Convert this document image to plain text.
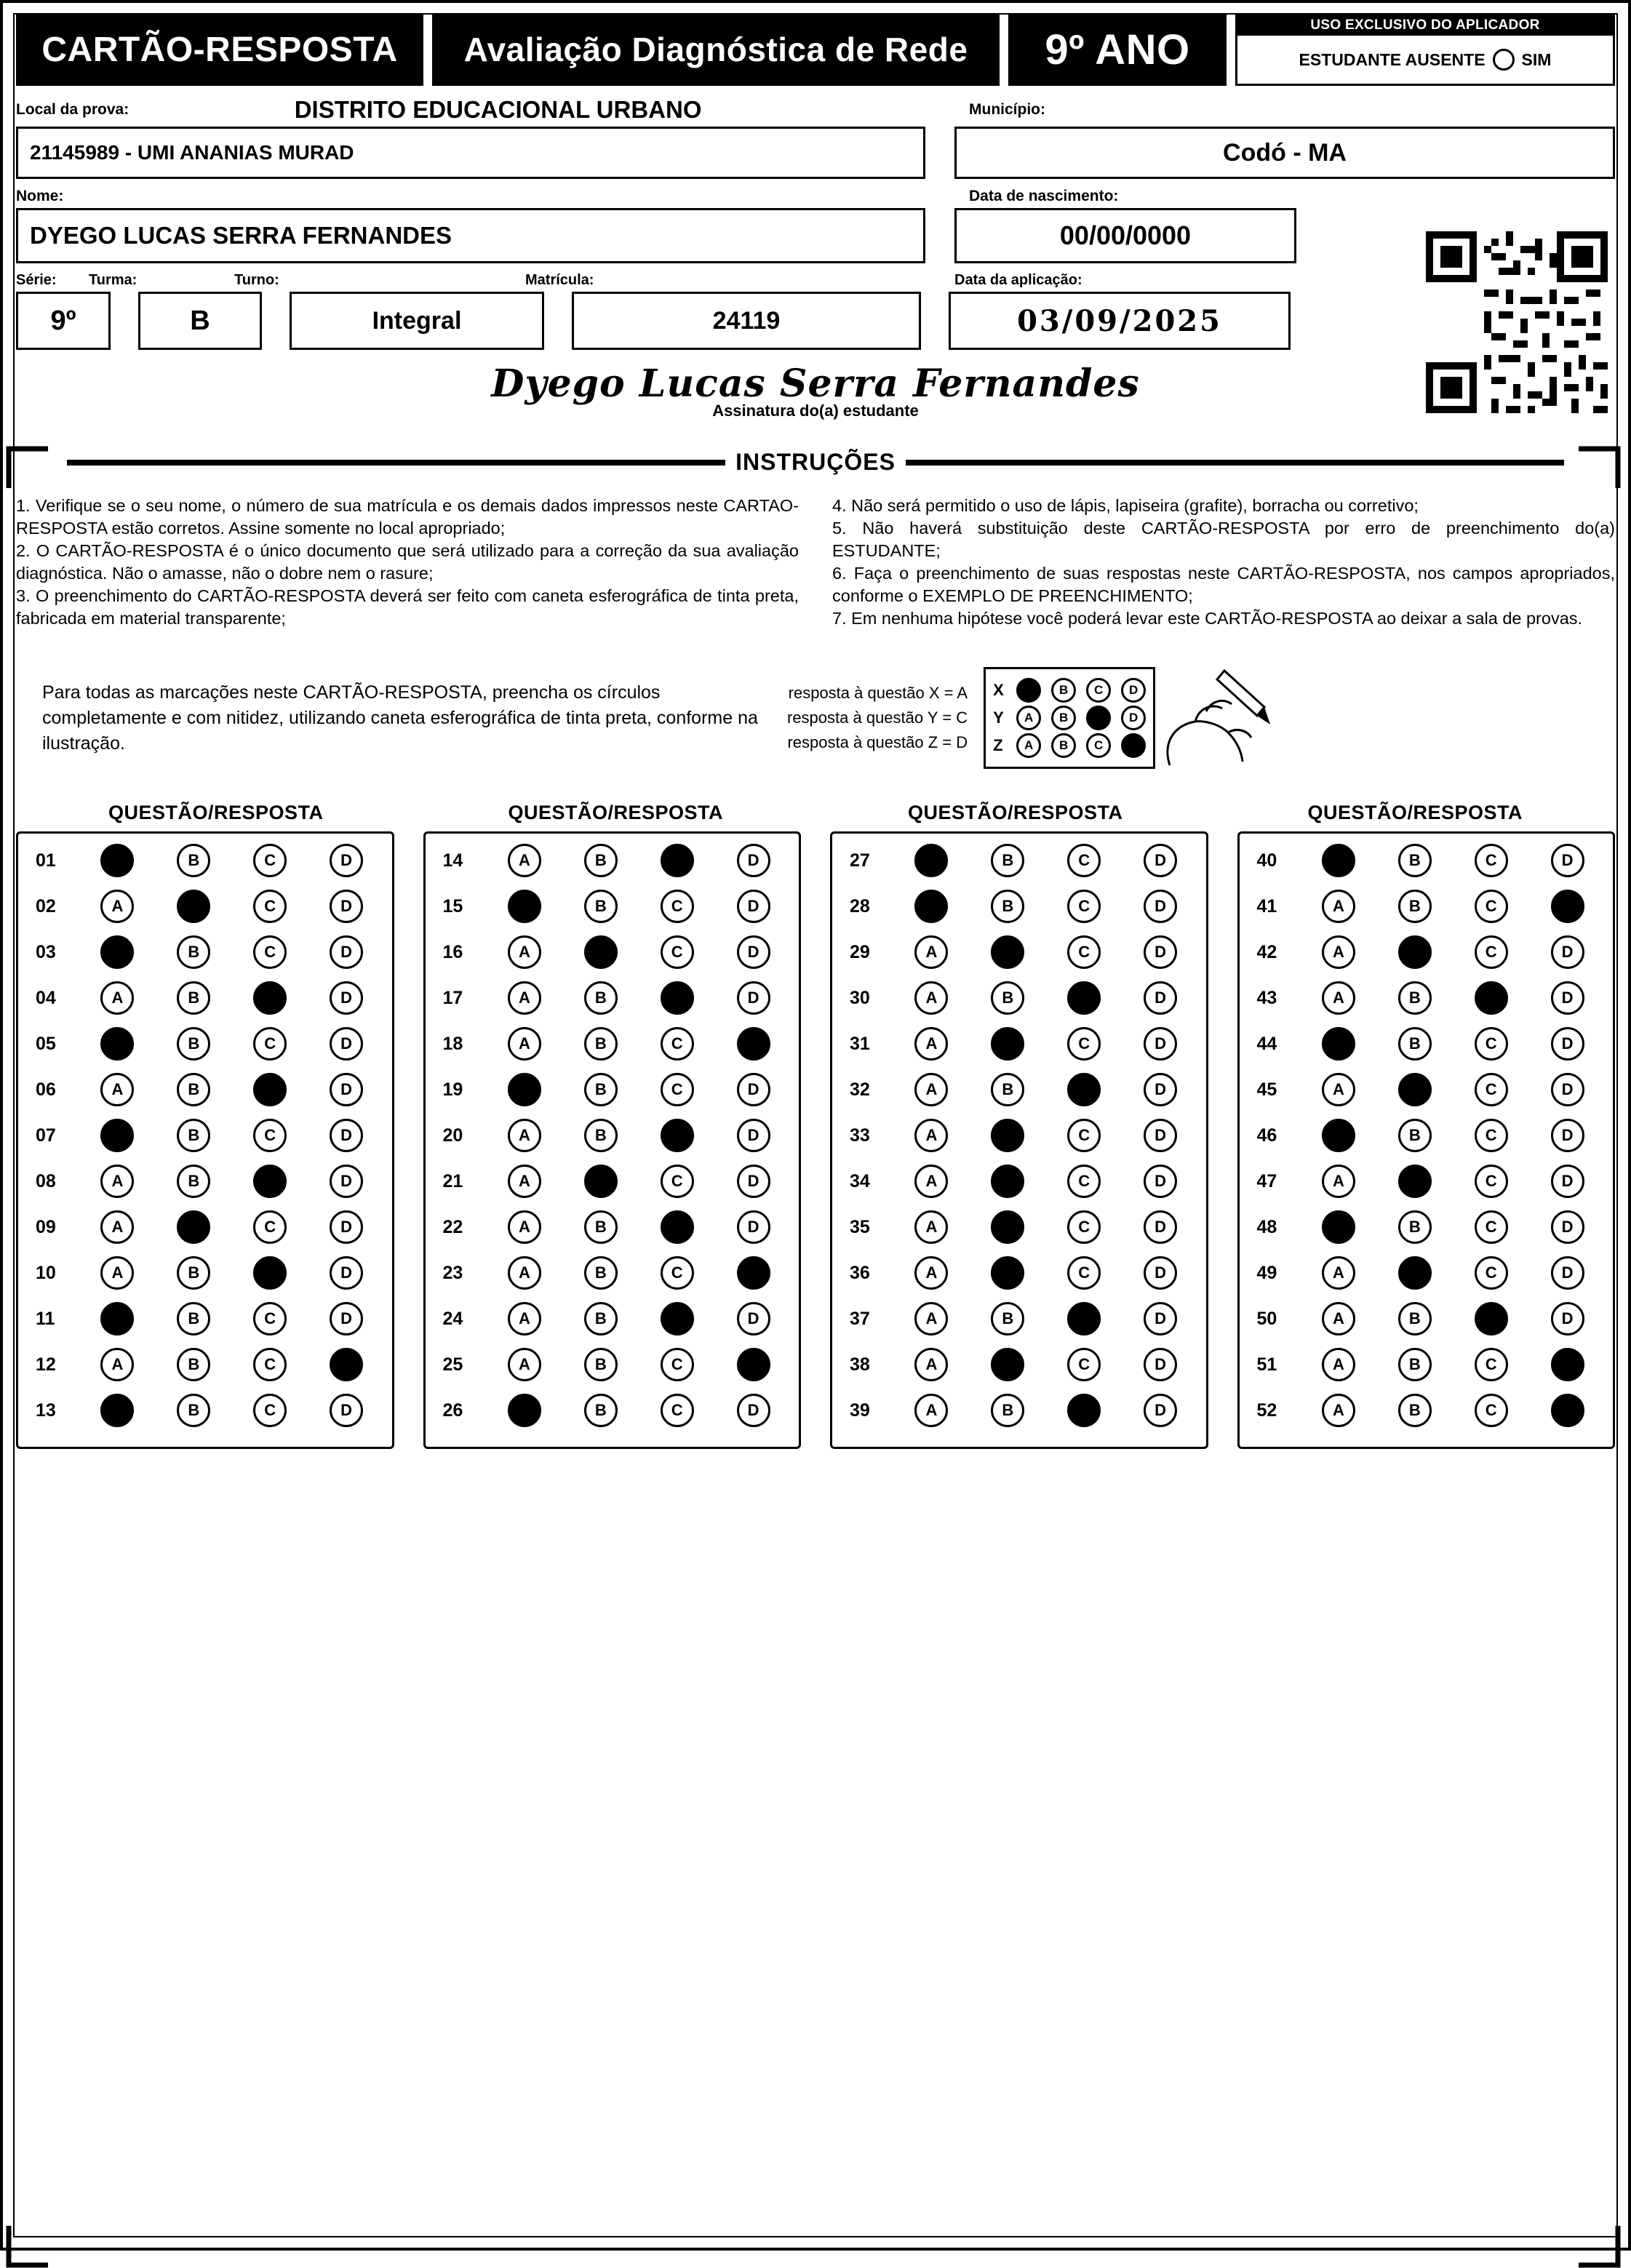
CARTÃO-RESPOSTA	Avaliação Diagnóstica de Rede	9º ANO
USO EXCLUSIVO DO APLICADOR
ESTUDANTE AUSENTE SIM
Local da prova:	DISTRITO EDUCACIONAL URBANO	Município:
21145989 - UMI ANANIAS MURAD	Codó - MA
Nome:	Data de nascimento:
DYEGO LUCAS SERRA FERNANDES	00/00/0000
Série:	Turma:	Turno:	Matrícula:	Data da aplicação:
9º	B	Integral	24119	03/09/2025
Dyego Lucas Serra Fernandes
Assinatura do(a) estudante
INSTRUÇÕES

1. Verifique se o seu nome, o número de sua matrícula e os demais dados impressos neste CARTAO-RESPOSTA estão corretos. Assine somente no local apropriado;

2. O CARTÃO-RESPOSTA é o único documento que será utilizado para a correção da sua avaliação diagnóstica. Não o amasse, não o dobre nem o rasure;

3. O preenchimento do CARTÃO-RESPOSTA deverá ser feito com caneta esferográfica de tinta preta, fabricada em material transparente;

4. Não será permitido o uso de lápis, lapiseira (grafite), borracha ou corretivo;

5. Não haverá substituição deste CARTÃO-RESPOSTA por erro de preenchimento do(a) ESTUDANTE;

6. Faça o preenchimento de suas respostas neste CARTÃO-RESPOSTA, nos campos apropriados, conforme o EXEMPLO DE PREENCHIMENTO;

7. Em nenhuma hipótese você poderá levar este CARTÃO-RESPOSTA ao deixar a sala de provas.

Para todas as marcações neste CARTÃO-RESPOSTA, preencha os círculos completamente e com nitidez, utilizando caneta esferográfica de tinta preta, conforme na ilustração.
resposta à questão X = A
resposta à questão Y = C
resposta à questão Z = D
X	A	B	C	D
Y	A	B	C	D
Z	A	B	C	D
QUESTÃO/RESPOSTA	QUESTÃO/RESPOSTA	QUESTÃO/RESPOSTA	QUESTÃO/RESPOSTA
01	A	B	C	D
02	A	B	C	D
03	A	B	C	D
04	A	B	C	D
05	A	B	C	D
06	A	B	C	D
07	A	B	C	D
08	A	B	C	D
09	A	B	C	D
10	A	B	C	D
11	A	B	C	D
12	A	B	C	D
13	A	B	C	D
14	A	B	C	D
15	A	B	C	D
16	A	B	C	D
17	A	B	C	D
18	A	B	C	D
19	A	B	C	D
20	A	B	C	D
21	A	B	C	D
22	A	B	C	D
23	A	B	C	D
24	A	B	C	D
25	A	B	C	D
26	A	B	C	D
27	A	B	C	D
28	A	B	C	D
29	A	B	C	D
30	A	B	C	D
31	A	B	C	D
32	A	B	C	D
33	A	B	C	D
34	A	B	C	D
35	A	B	C	D
36	A	B	C	D
37	A	B	C	D
38	A	B	C	D
39	A	B	C	D
40	A	B	C	D
41	A	B	C	D
42	A	B	C	D
43	A	B	C	D
44	A	B	C	D
45	A	B	C	D
46	A	B	C	D
47	A	B	C	D
48	A	B	C	D
49	A	B	C	D
50	A	B	C	D
51	A	B	C	D
52	A	B	C	D
